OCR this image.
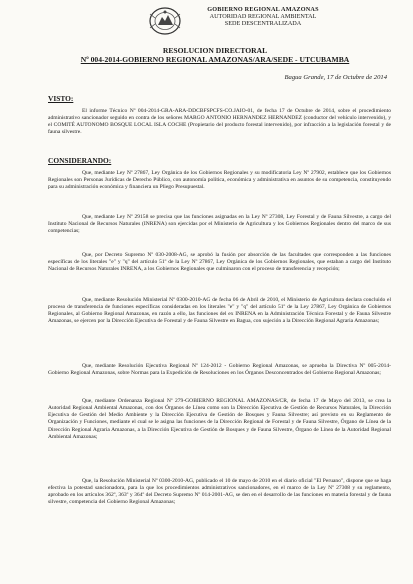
GOBIERNO REGIONAL AMAZONAS
AUTORIDAD REGIONAL AMBIENTAL
SEDE DESCENTRALIZADA
RESOLUCION DIRECTORAL
Nº 004-2014-GOBIERNO REGIONAL AMAZONAS/ARA/SEDE - UTCUBAMBA
Bagua Grande, 17 de Octubre de 2014
VISTO:
El informe Técnico Nº 004-2014-GRA-ARA-DDCBFSPCFS-CO.JAIO-01, de fecha 17 de Octubre de 2014, sobre el procedimiento administrativo sancionador seguido en contra de los señores MARGO ANTONIO HERNANDEZ HERNANDEZ (conductor del vehículo intervenido), y el COMITÉ AUTONOMO BOSQUE LOCAL ISLA COCHE (Propietario del producto forestal intervenido), por infracción a la legislación forestal y de fauna silvestre.
CONSIDERANDO:
Que, mediante Ley Nº 27867, Ley Orgánica de los Gobiernos Regionales y su modificatoria Ley Nº 27902, establece que los Gobiernos Regionales son Personas Jurídicas de Derecho Público, con autonomía política, económica y administrativa en asuntos de su competencia, constituyendo para su administración económica y financiera un Pliego Presupuestal.
Que, mediante Ley Nº 29158 se precisa que las funciones asignadas en la Ley Nº 27308, Ley Forestal y de Fauna Silvestre, a cargo del Instituto Nacional de Recursos Naturales (INRENA) son ejercidas por el Ministerio de Agricultura y los Gobiernos Regionales dentro del marco de sus competencias;
Que, por Decreto Supremo Nº 030-2008-AG, se aprobó la fusión por absorción de las facultades que corresponden a las funciones específicas de los literales "e" y "q" del artículo 51º de la Ley Nº 27867, Ley Orgánica de los Gobiernos Regionales, que estaban a cargo del Instituto Nacional de Recursos Naturales INRENA, a los Gobiernos Regionales que culminaron con el proceso de transferencia y recepción;
Que, mediante Resolución Ministerial Nº 0300-2010-AG de fecha 06 de Abril de 2010, el Ministerio de Agricultura declara concluido el proceso de transferencia de funciones específicas consideradas en los literales "e" y "q" del artículo 51º de la Ley 27867, Ley Orgánica de Gobiernos Regionales, al Gobierno Regional Amazonas, en razón a ello, las funciones del ex INRENA en la Administración Técnica Forestal y de Fauna Silvestre Amazonas, se ejercen por la Dirección Ejecutiva de Forestal y de Fauna Silvestre en Bagua, con sujeción a la Dirección Regional Agraria Amazonas;
Que, mediante Resolución Ejecutiva Regional Nº 124-2012 - Gobierno Regional Amazonas, se aprueba la Directiva Nº 005-2014-Gobierno Regional Amazonas, sobre Normas para la Expedición de Resoluciones en los Órganos Desconcentrados del Gobierno Regional Amazonas;
Que, mediante Ordenanza Regional Nº 279-GOBIERNO REGIONAL AMAZONAS/CR, de fecha 17 de Mayo del 2013, se crea la Autoridad Regional Ambiental Amazonas, con dos Órganos de Línea como son la Dirección Ejecutiva de Gestión de Recursos Naturales, la Dirección Ejecutiva de Gestión del Medio Ambiente y la Dirección Ejecutiva de Gestión de Bosques y Fauna Silvestre; así previsto en su Reglamento de Organización y Funciones, mediante el cual se le asigna las funciones de la Dirección Regional de Forestal y de Fauna Silvestre, Órgano de Línea de la Dirección Regional Agraria Amazonas, a la Dirección Ejecutiva de Gestión de Bosques y de Fauna Silvestre, Órgano de Línea de la Autoridad Regional Ambiental Amazonas;
Que, la Resolución Ministerial Nº 0300-2010-AG, publicado el 10 de mayo de 2010 en el diario oficial "El Peruano", dispone que se haga efectiva la potestad sancionadora, para la que los procedimientos administrativos sancionadores, en el marco de la Ley Nº 27308 y su reglamento, aprobado en los artículos 362º, 363º y 364º del Decreto Supremo Nº 014-2001-AG, se den en el desarrollo de las funciones en materia forestal y de fauna silvestre, competencia del Gobierno Regional Amazonas;
